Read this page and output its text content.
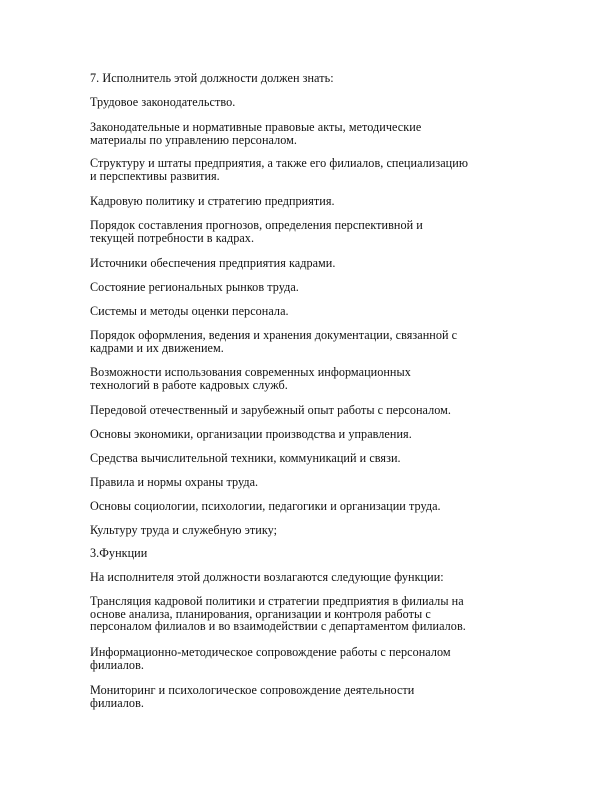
7. Исполнитель этой должности должен знать:

Трудовое законодательство.

Законодательные и нормативные правовые акты, методические
материалы по управлению персоналом.

Структуру и штаты предприятия, а также его филиалов, специализацию
и перспективы развития.

Кадровую политику и стратегию предприятия.

Порядок составления прогнозов, определения перспективной и
текущей потребности в кадрах.

Источники обеспечения предприятия кадрами.

Состояние региональных рынков труда.

Системы и методы оценки персонала.

Порядок оформления, ведения и хранения документации, связанной с
кадрами и их движением.

Возможности использования современных информационных
технологий в работе кадровых служб.

Передовой отечественный и зарубежный опыт работы с персоналом.

Основы экономики, организации производства и управления.

Средства вычислительной техники, коммуникаций и связи.

Правила и нормы охраны труда.

Основы социологии, психологии, педагогики и организации труда.

Культуру труда и служебную этику;

3.Функции

На исполнителя этой должности возлагаются следующие функции:

Трансляция кадровой политики и стратегии предприятия в филиалы на
основе анализа, планирования, организации и контроля работы с
персоналом филиалов и во взаимодействии с департаментом филиалов.

Информационно-методическое сопровождение работы с персоналом
филиалов.

Мониторинг и психологическое сопровождение деятельности
филиалов.
